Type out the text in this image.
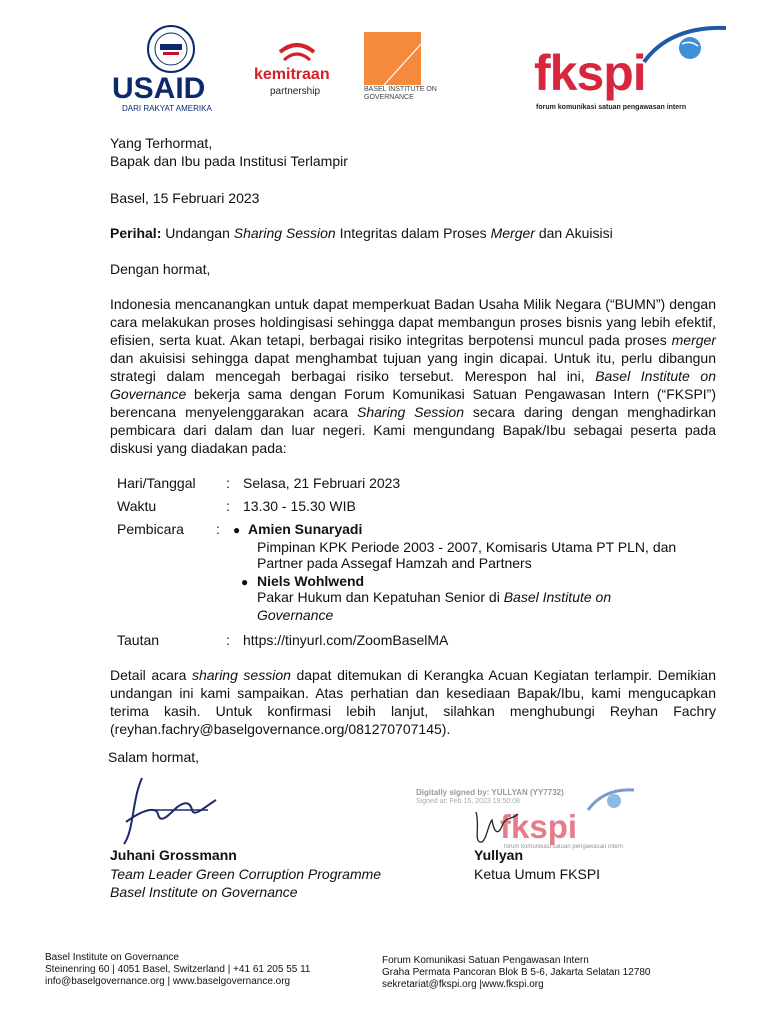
USAID
DARI RAKYAT AMERIKA
kemitraan
partnership	BASEL INSTITUTE ON GOVERNANCE	fkspi
forum komunikasi satuan pengawasan intern
Yang Terhormat,
Bapak dan Ibu pada Institusi Terlampir
Basel, 15 Februari 2023
Perihal: Undangan Sharing Session Integritas dalam Proses Merger dan Akuisisi
Dengan hormat,
Indonesia mencanangkan untuk dapat memperkuat Badan Usaha Milik Negara (“BUMN”) dengan cara melakukan proses holdingisasi sehingga dapat membangun proses bisnis yang lebih efektif, efisien, serta kuat. Akan tetapi, berbagai risiko integritas berpotensi muncul pada proses merger dan akuisisi sehingga dapat menghambat tujuan yang ingin dicapai. Untuk itu, perlu dibangun strategi dalam mencegah berbagai risiko tersebut. Merespon hal ini, Basel Institute on Governance bekerja sama dengan Forum Komunikasi Satuan Pengawasan Intern (“FKSPI”) berencana menyelenggarakan acara Sharing Session secara daring dengan menghadirkan pembicara dari dalam dan luar negeri. Kami mengundang Bapak/Ibu sebagai peserta pada diskusi yang diadakan pada:
Hari/Tanggal : Selasa, 21 Februari 2023
Waktu	: 13.30 - 15.30 WIB
Pembicara : ● Amien Sunaryadi
Pimpinan KPK Periode 2003 - 2007, Komisaris Utama PT PLN, dan
Partner pada Assegaf Hamzah and Partners
● Niels Wohlwend
Pakar Hukum dan Kepatuhan Senior di Basel Institute on
Governance
Tautan	: https://tinyurl.com/ZoomBaselMA
Detail acara sharing session dapat ditemukan di Kerangka Acuan Kegiatan terlampir. Demikian undangan ini kami sampaikan. Atas perhatian dan kesediaan Bapak/Ibu, kami mengucapkan terima kasih. Untuk konfirmasi lebih lanjut, silahkan menghubungi Reyhan Fachry (reyhan.fachry@baselgovernance.org/081270707145).
Salam hormat,
Digitally signed by: YULLYAN (YY7732)
Signed at: Feb 15, 2023 19:50:08
fkspi
forum komunikasi satuan pengawasan intern
Juhani Grossmann
Team Leader Green Corruption Programme
Basel Institute on Governance
Yullyan
Ketua Umum FKSPI
Basel Institute on Governance
Steinenring 60 | 4051 Basel, Switzerland | +41 61 205 55 11
info@baselgovernance.org | www.baselgovernance.org
Forum Komunikasi Satuan Pengawasan Intern
Graha Permata Pancoran Blok B 5-6, Jakarta Selatan 12780
sekretariat@fkspi.org |www.fkspi.org
